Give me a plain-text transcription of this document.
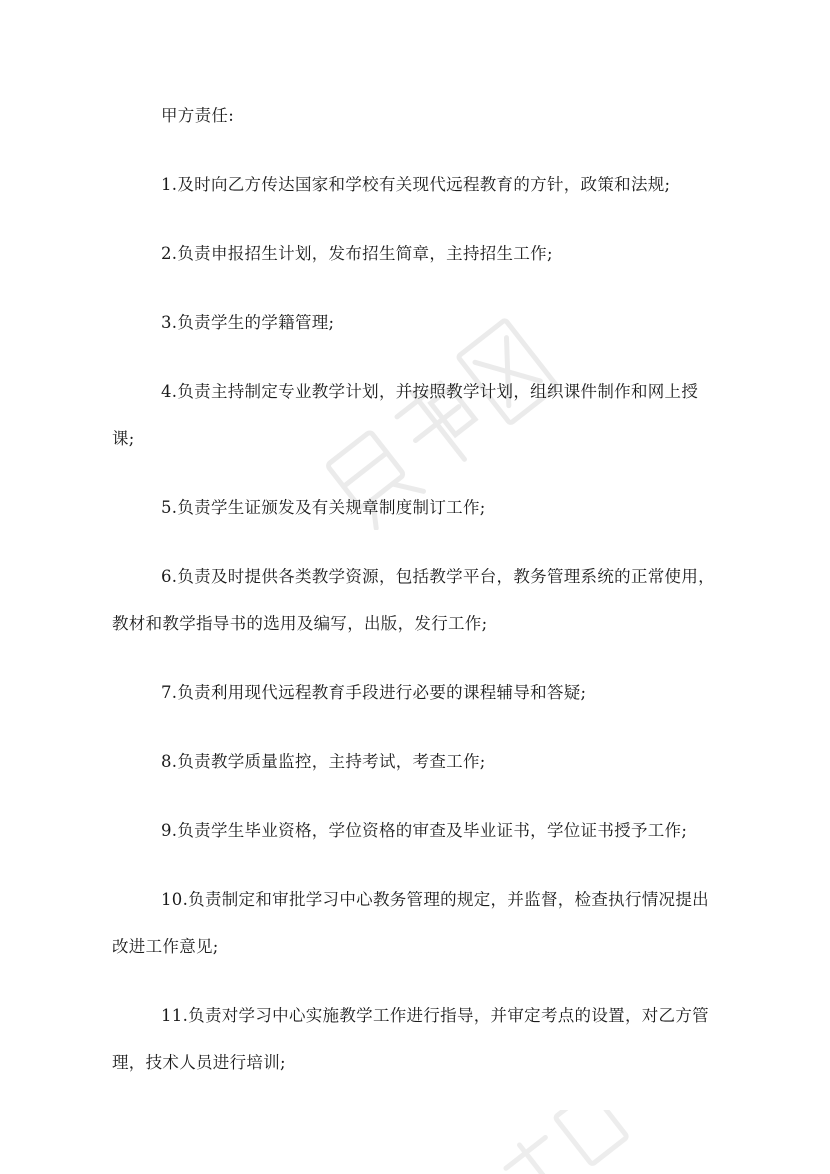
甲方责任:

1.及时向乙方传达国家和学校有关现代远程教育的方针，政策和法规;

2.负责申报招生计划，发布招生简章，主持招生工作;

3.负责学生的学籍管理;

4.负责主持制定专业教学计划，并按照教学计划，组织课件制作和网上授课;

5.负责学生证颁发及有关规章制度制订工作;

6.负责及时提供各类教学资源，包括教学平台，教务管理系统的正常使用，教材和教学指导书的选用及编写，出版，发行工作;

7.负责利用现代远程教育手段进行必要的课程辅导和答疑;

8.负责教学质量监控，主持考试，考查工作;

9.负责学生毕业资格，学位资格的审查及毕业证书，学位证书授予工作;

10.负责制定和审批学习中心教务管理的规定，并监督，检查执行情况提出改进工作意见;

11.负责对学习中心实施教学工作进行指导，并审定考点的设置，对乙方管理，技术人员进行培训;
